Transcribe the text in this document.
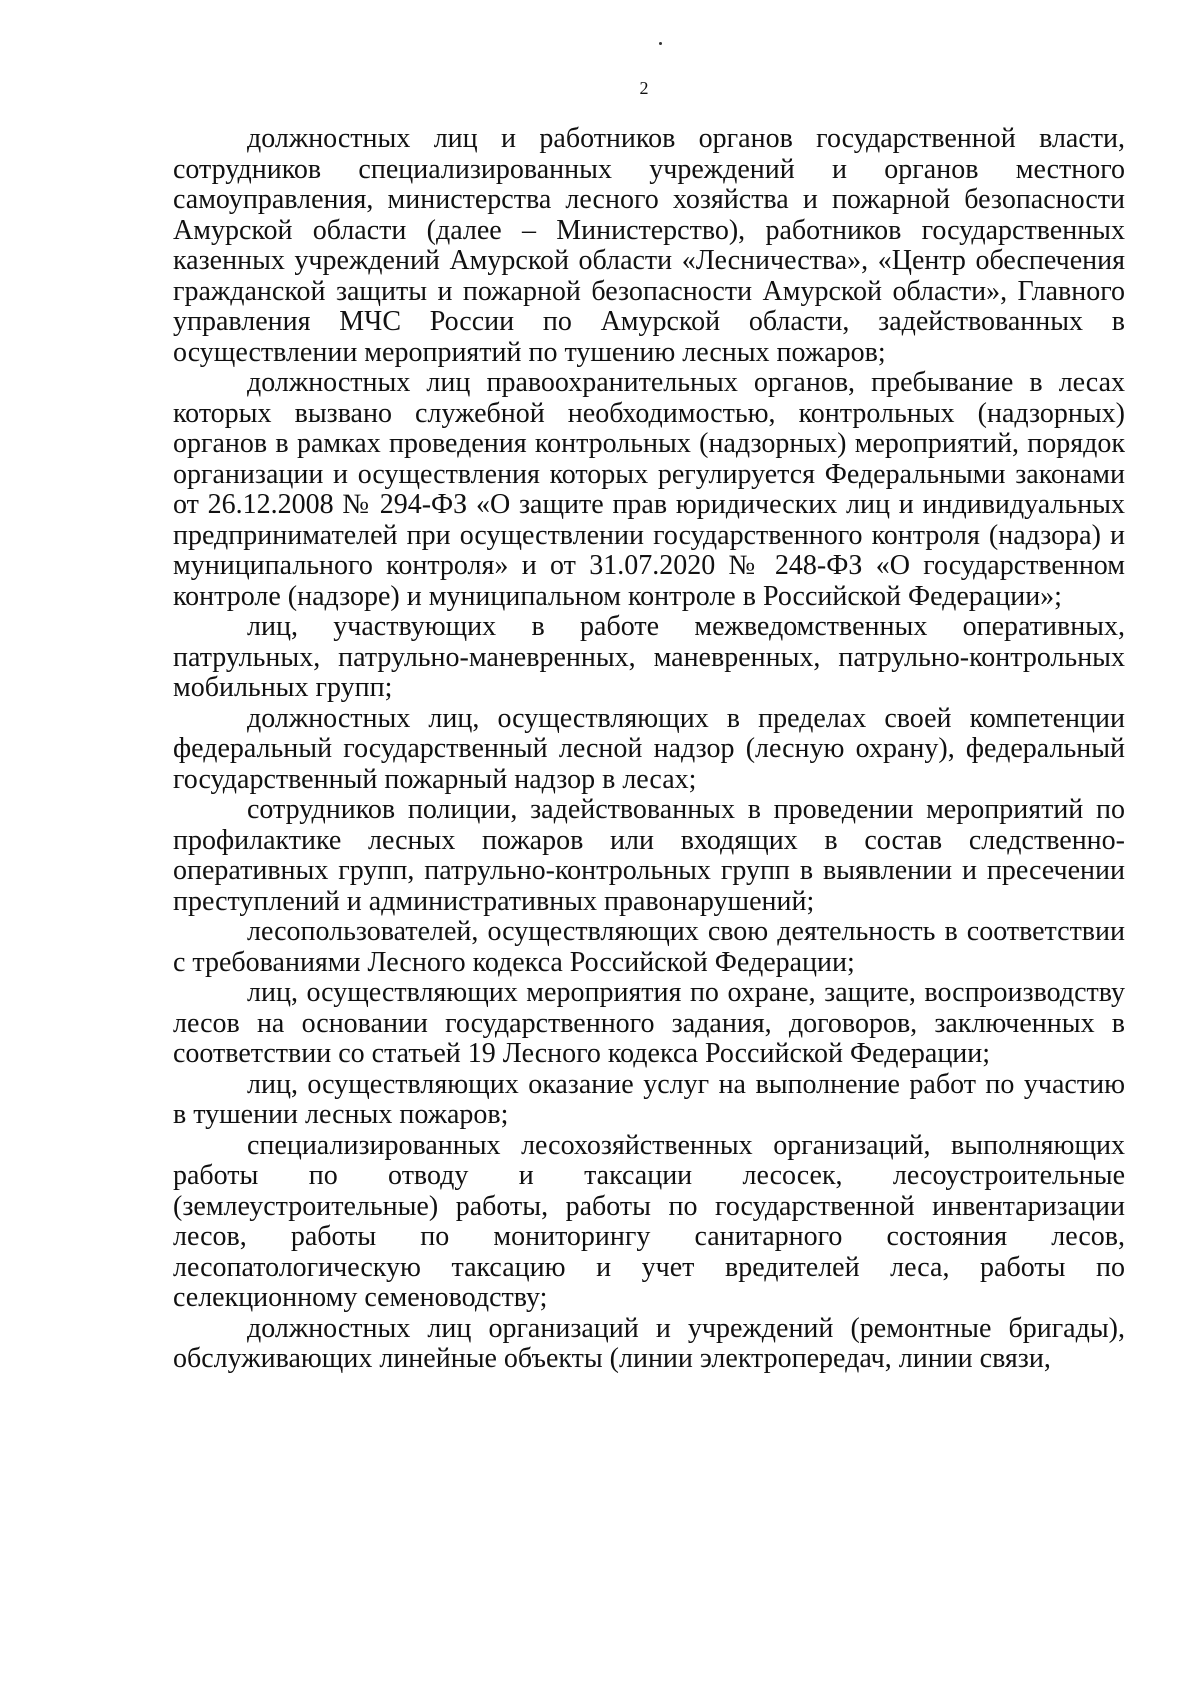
2

должностных лиц и работников органов государственной власти, сотрудников специализированных учреждений и органов местного самоуправления, министерства лесного хозяйства и пожарной безопасности Амурской области (далее – Министерство), работников государственных казенных учреждений Амурской области «Лесничества», «Центр обеспечения гражданской защиты и пожарной безопасности Амурской области», Главного управления МЧС России по Амурской области, задействованных в осуществлении мероприятий по тушению лесных пожаров;

должностных лиц правоохранительных органов, пребывание в лесах которых вызвано служебной необходимостью, контрольных (надзорных) органов в рамках проведения контрольных (надзорных) мероприятий, порядок организации и осуществления которых регулируется Федеральными законами от 26.12.2008 № 294-ФЗ «О защите прав юридических лиц и индивидуальных предпринимателей при осуществлении государственного контроля (надзора) и муниципального контроля» и от 31.07.2020 № 248-ФЗ «О государственном контроле (надзоре) и муниципальном контроле в Российской Федерации»;

лиц, участвующих в работе межведомственных оперативных, патрульных, патрульно-маневренных, маневренных, патрульно-контрольных мобильных групп;

должностных лиц, осуществляющих в пределах своей компетенции федеральный государственный лесной надзор (лесную охрану), федеральный государственный пожарный надзор в лесах;

сотрудников полиции, задействованных в проведении мероприятий по профилактике лесных пожаров или входящих в состав следственно-оперативных групп, патрульно-контрольных групп в выявлении и пресечении преступлений и административных правонарушений;

лесопользователей, осуществляющих свою деятельность в соответствии с требованиями Лесного кодекса Российской Федерации;

лиц, осуществляющих мероприятия по охране, защите, воспроизводству лесов на основании государственного задания, договоров, заключенных в соответствии со статьей 19 Лесного кодекса Российской Федерации;

лиц, осуществляющих оказание услуг на выполнение работ по участию в тушении лесных пожаров;

специализированных лесохозяйственных организаций, выполняющих работы по отводу и таксации лесосек, лесоустроительные (землеустроительные) работы, работы по государственной инвентаризации лесов, работы по мониторингу санитарного состояния лесов, лесопатологическую таксацию и учет вредителей леса, работы по селекционному семеноводству;

должностных лиц организаций и учреждений (ремонтные бригады), обслуживающих линейные объекты (линии электропередач, линии связи,
